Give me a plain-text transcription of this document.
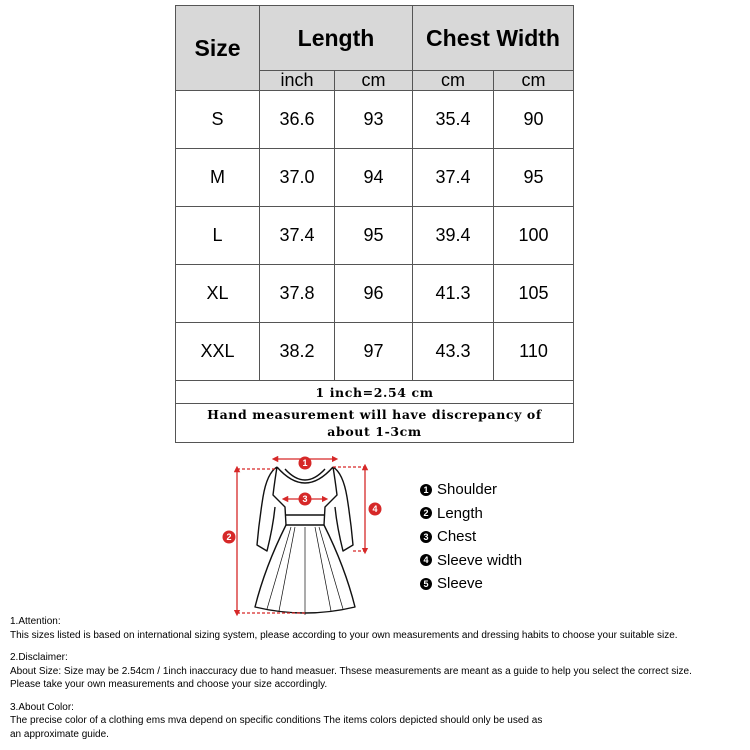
Size	Length		Chest Width	
	inch	cm	cm	cm
S	36.6	93	35.4	90
M	37.0	94	37.4	95
L	37.4	95	39.4	100
XL	37.8	96	41.3	105
XXL	38.2	97	43.3	110
1 inch=2.54 cm				
Hand measurement will have discrepancy of
about 1-3cm				
1
2
3
4
1 Shoulder
2 Length
3 Chest
4 Sleeve width
5 Sleeve

1.Attention:

This sizes listed is based on international sizing system, please according to your own measurements and dressing habits to choose your suitable size.

2.Disclaimer:

About Size: Size may be 2.54cm / 1inch inaccuracy due to hand measuer. Thsese measurements are meant as a guide to help you select the correct size.

Please take your own measurements and choose your size accordingly.

3.About Color:

The precise color of a clothing ems mva depend on specific conditions The items colors depicted should only be used as

an approximate guide.
